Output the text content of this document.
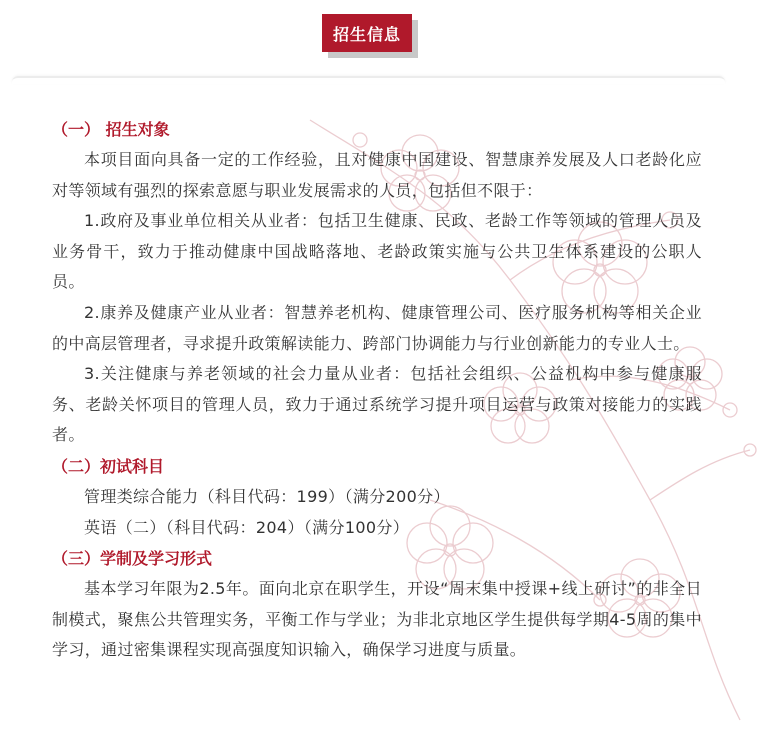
招生信息
（一） 招生对象

本项目面向具备一定的工作经验，且对健康中国建设、智慧康养发展及人口老龄化应对等领域有强烈的探索意愿与职业发展需求的人员，包括但不限于：

1.政府及事业单位相关从业者：包括卫生健康、民政、老龄工作等领域的管理人员及业务骨干，致力于推动健康中国战略落地、老龄政策实施与公共卫生体系建设的公职人员。

2.康养及健康产业从业者：智慧养老机构、健康管理公司、医疗服务机构等相关企业的中高层管理者，寻求提升政策解读能力、跨部门协调能力与行业创新能力的专业人士。

3.关注健康与养老领域的社会力量从业者：包括社会组织、公益机构中参与健康服务、老龄关怀项目的管理人员，致力于通过系统学习提升项目运营与政策对接能力的实践者。

（二）初试科目

管理类综合能力（科目代码：199）（满分200分）

英语（二）（科目代码：204）（满分100分）

（三）学制及学习形式

基本学习年限为2.5年。面向北京在职学生，开设“周末集中授课+线上研讨”的非全日制模式，聚焦公共管理实务，平衡工作与学业；为非北京地区学生提供每学期4-5周的集中学习，通过密集课程实现高强度知识输入，确保学习进度与质量。
